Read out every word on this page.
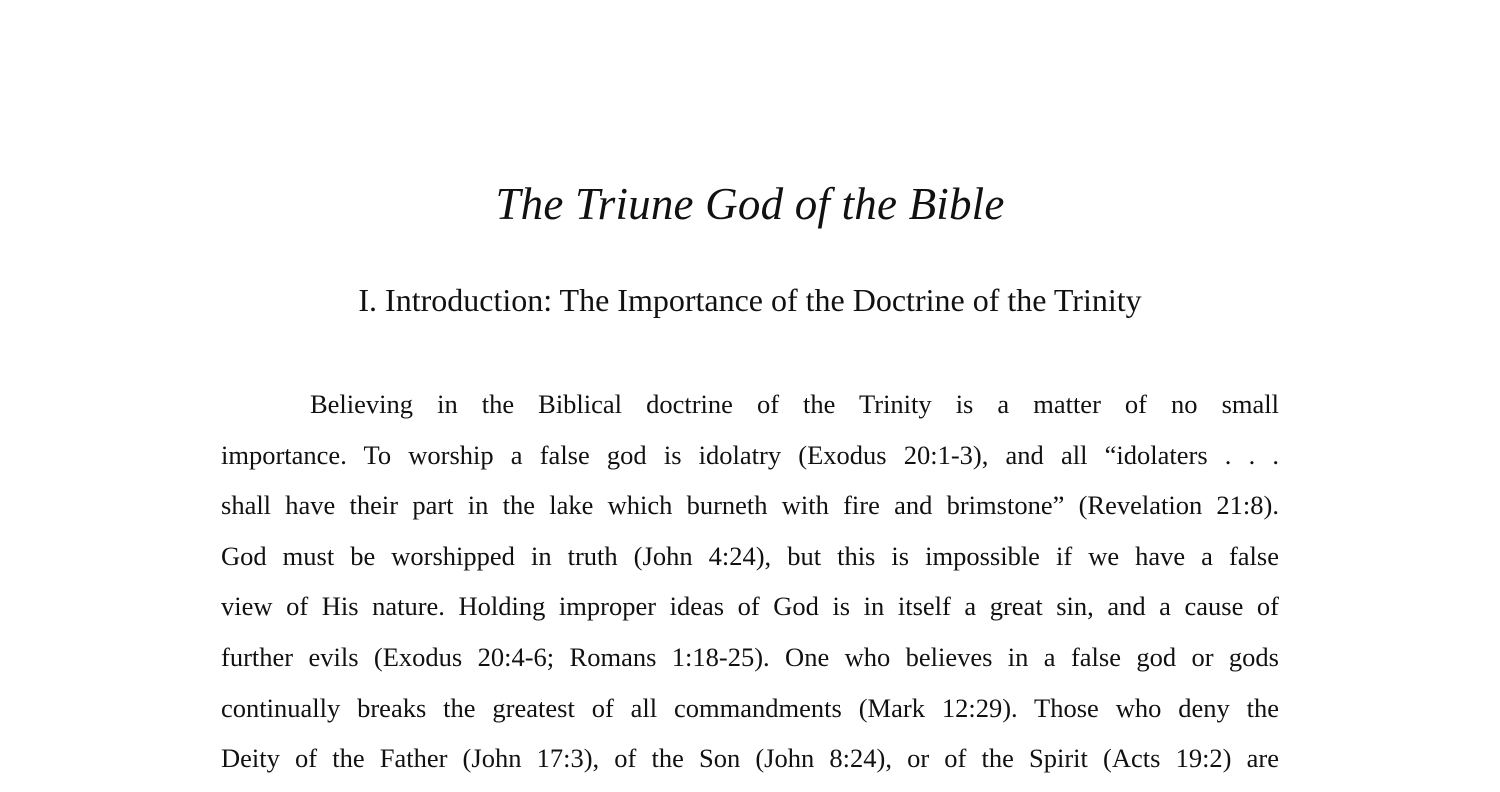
The Triune God of the Bible
I. Introduction: The Importance of the Doctrine of the Trinity
Believing in the Biblical doctrine of the Trinity is a matter of no small
importance. To worship a false god is idolatry (Exodus 20:1-3), and all “idolaters . . .
shall have their part in the lake which burneth with fire and brimstone” (Revelation 21:8).
God must be worshipped in truth (John 4:24), but this is impossible if we have a false
view of His nature. Holding improper ideas of God is in itself a great sin, and a cause of
further evils (Exodus 20:4-6; Romans 1:18-25). One who believes in a false god or gods
continually breaks the greatest of all commandments (Mark 12:29). Those who deny the
Deity of the Father (John 17:3), of the Son (John 8:24), or of the Spirit (Acts 19:2) are
